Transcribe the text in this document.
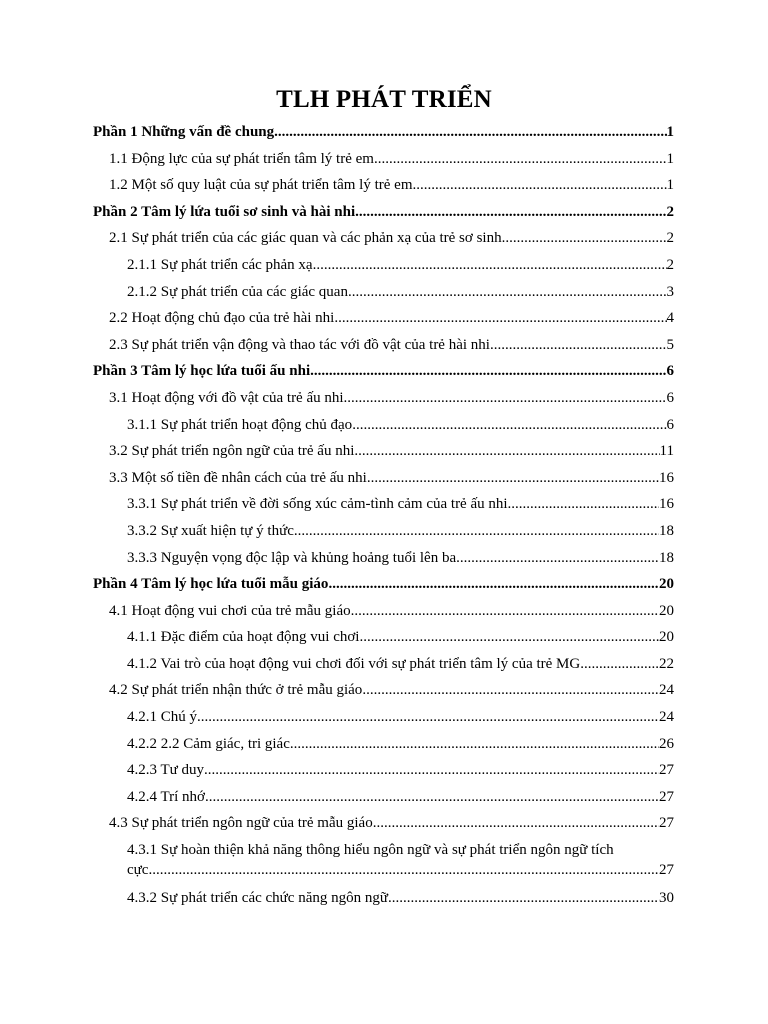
TLH PHÁT TRIỂN
Phần 1 Những vấn đề chung .....	1
1.1 Động lực của sự phát triển tâm lý trẻ em .....	1
1.2 Một số quy luật của sự phát triển tâm lý trẻ em .....	1
Phần 2 Tâm lý lứa tuổi sơ sinh và hài nhi .....	2
2.1 Sự phát triển của các giác quan và các phản xạ của trẻ sơ sinh .....	2
2.1.1 Sự phát triển các phản xạ .....	2
2.1.2 Sự phát triển của các giác quan .....	3
2.2 Hoạt động chủ đạo của trẻ hài nhi .....	4
2.3 Sự phát triển vận động và thao tác với đồ vật của trẻ hài nhi .....	5
Phần 3 Tâm lý học lứa tuổi ấu nhi .....	6
3.1 Hoạt động với đồ vật của trẻ ấu nhi .....	6
3.1.1 Sự phát triển hoạt động chủ đạo .....	6
3.2 Sự phát triển ngôn ngữ của trẻ ấu nhi .....	11
3.3 Một số tiền đề nhân cách của trẻ ấu nhi .....	16
3.3.1 Sự phát triển về đời sống xúc cảm-tình cảm của trẻ ấu nhi .....	16
3.3.2 Sự xuất hiện tự ý thức .....	18
3.3.3 Nguyện vọng độc lập và khủng hoảng tuổi lên ba .....	18
Phần 4 Tâm lý học lứa tuổi mẫu giáo .....	20
4.1 Hoạt động vui chơi của trẻ mẫu giáo .....	20
4.1.1 Đặc điểm của hoạt động vui chơi .....	20
4.1.2 Vai trò của hoạt động vui chơi đối với sự phát triển tâm lý của trẻ MG .....	22
4.2 Sự phát triển nhận thức ở trẻ mẫu giáo .....	24
4.2.1 Chú ý .....	24
4.2.2 2.2 Cảm giác, tri giác .....	26
4.2.3 Tư duy .....	27
4.2.4 Trí nhớ .....	27
4.3 Sự phát triển ngôn ngữ của trẻ mẫu giáo .....	27
4.3.1 Sự hoàn thiện khả năng thông hiểu ngôn ngữ và sự phát triển ngôn ngữ tích
cực .....	27
4.3.2 Sự phát triển các chức năng ngôn ngữ .....	30
